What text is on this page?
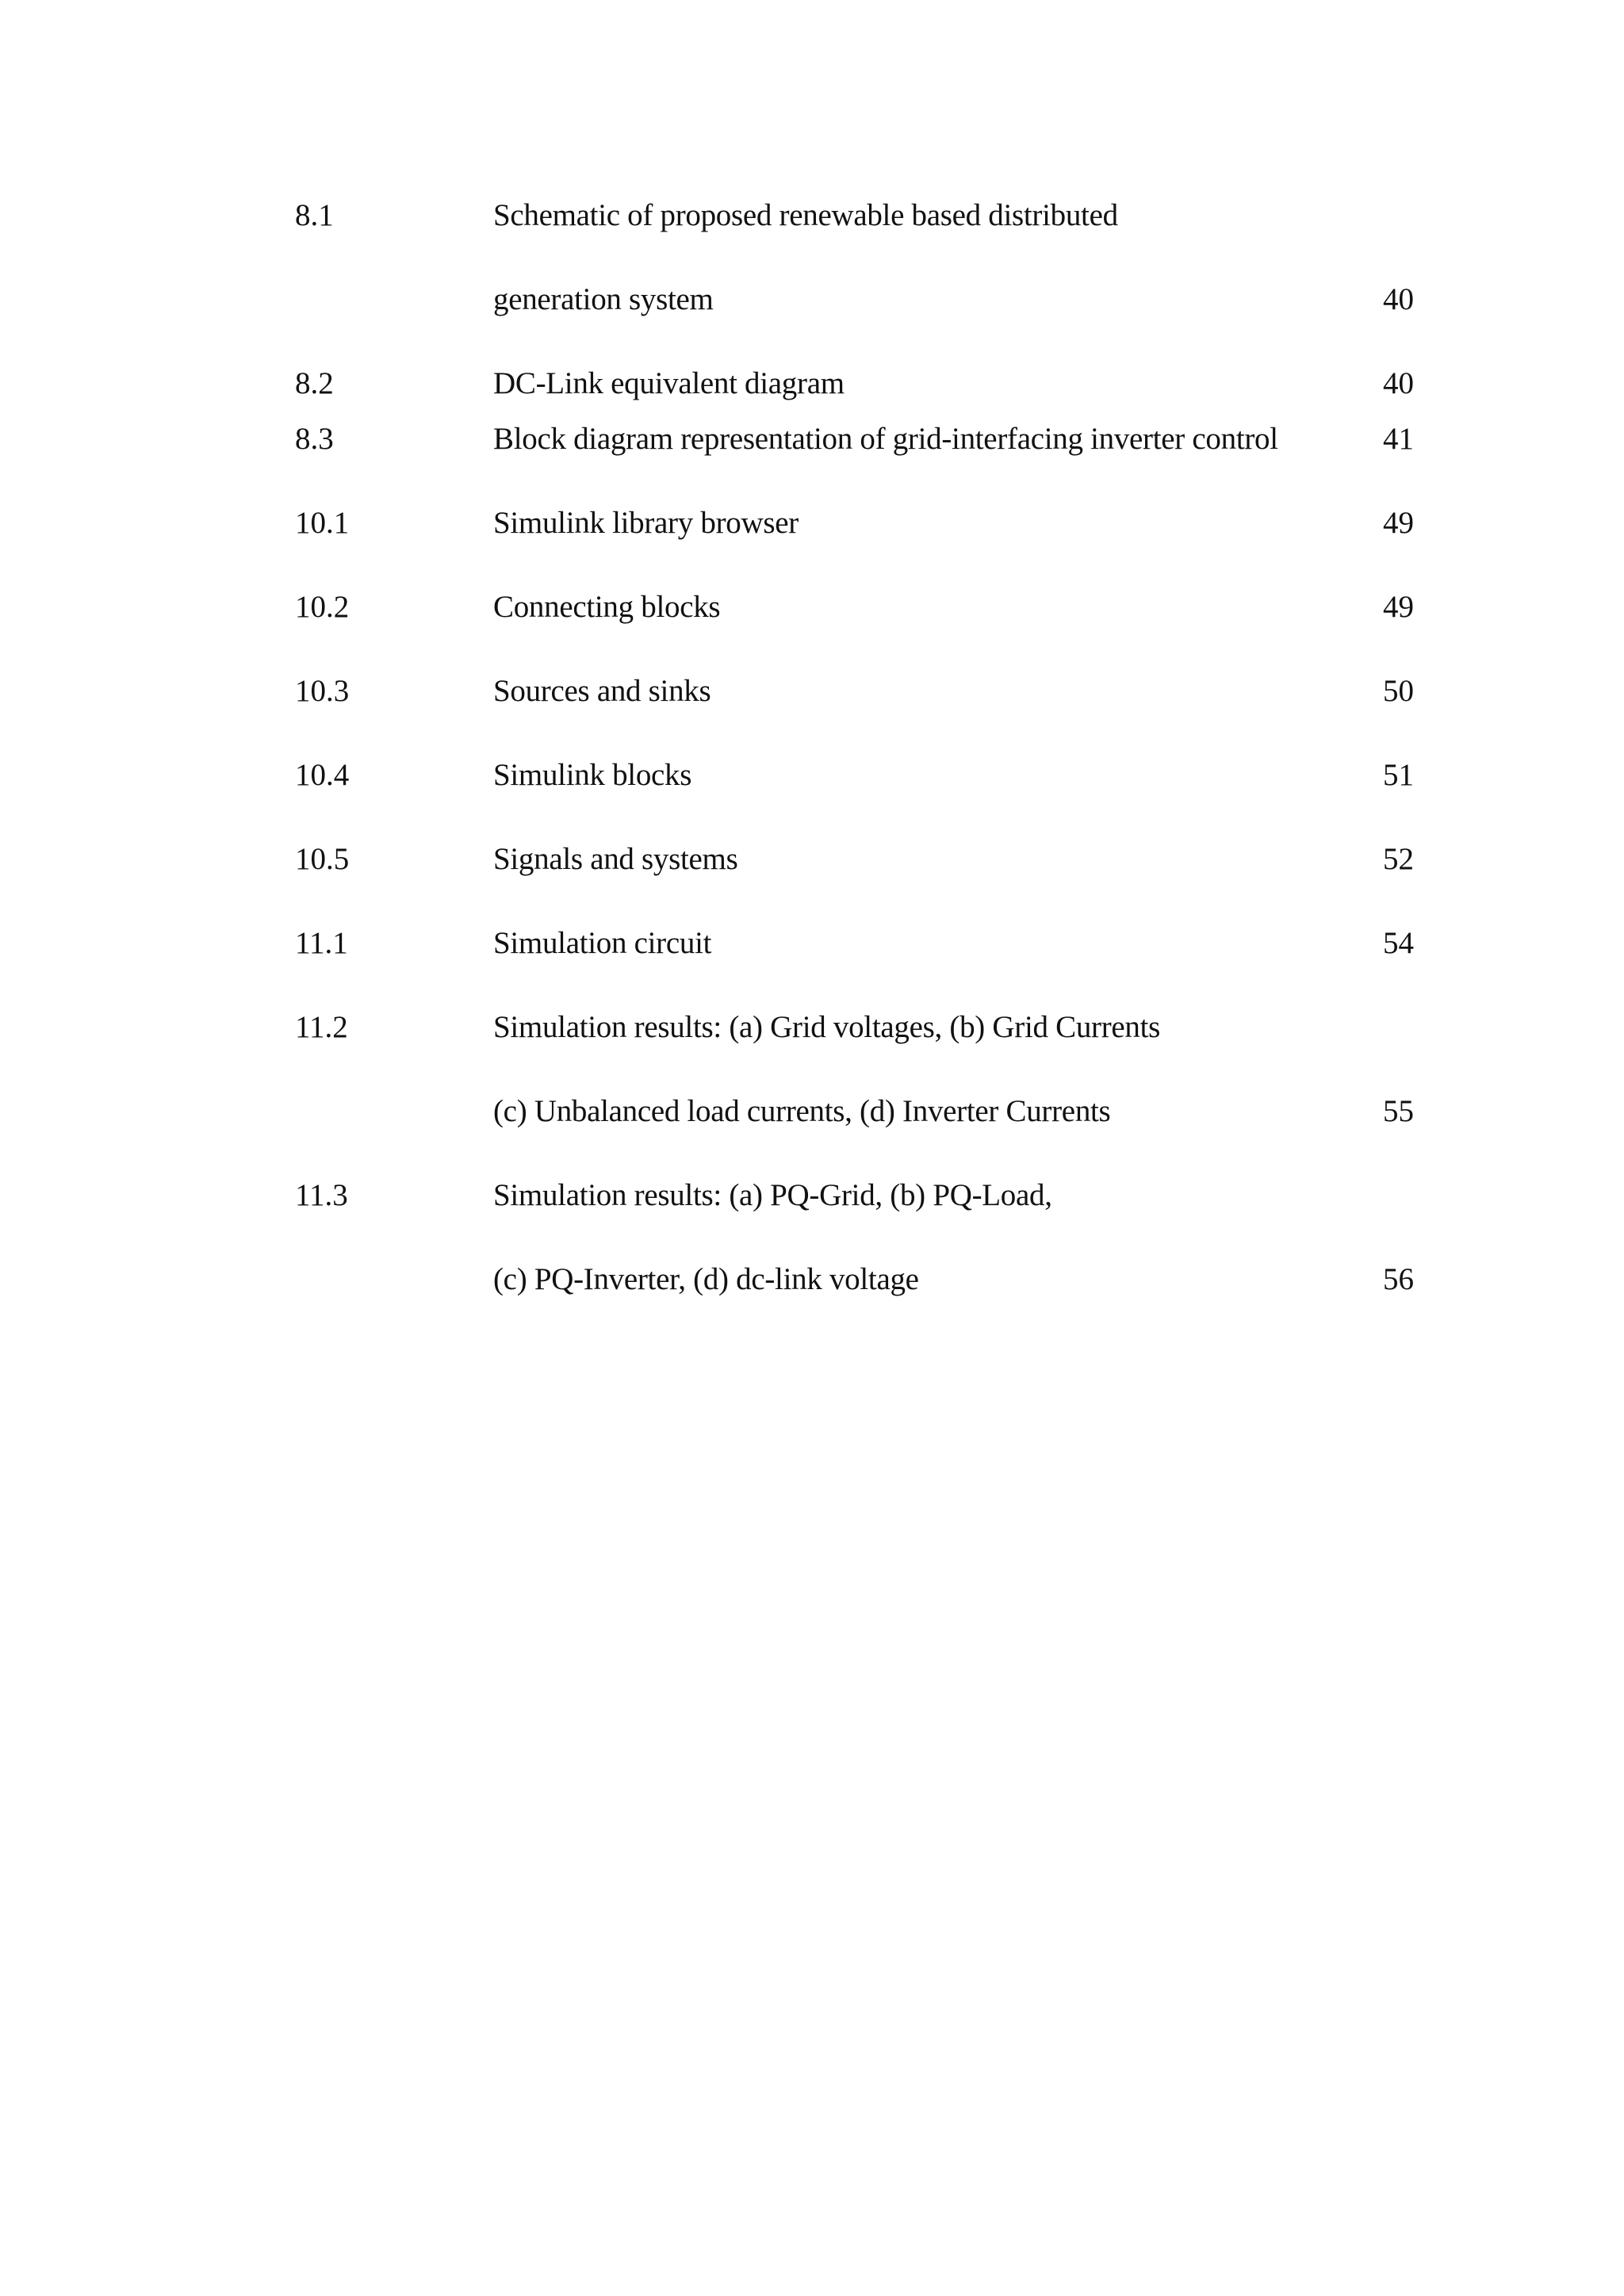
8.1	Schematic of proposed renewable based distributed
generation system	40
8.2	DC-Link equivalent diagram	40
8.3	Block diagram representation of grid-interfacing inverter control	41
10.1	Simulink library browser	49
10.2	Connecting blocks	49
10.3	Sources and sinks	50
10.4	Simulink blocks	51
10.5	Signals and systems	52
11.1	Simulation circuit	54
11.2	Simulation results: (a) Grid voltages, (b) Grid Currents
(c) Unbalanced load currents, (d) Inverter Currents	55
11.3	Simulation results: (a) PQ-Grid, (b) PQ-Load,
(c) PQ-Inverter, (d) dc-link voltage	56
